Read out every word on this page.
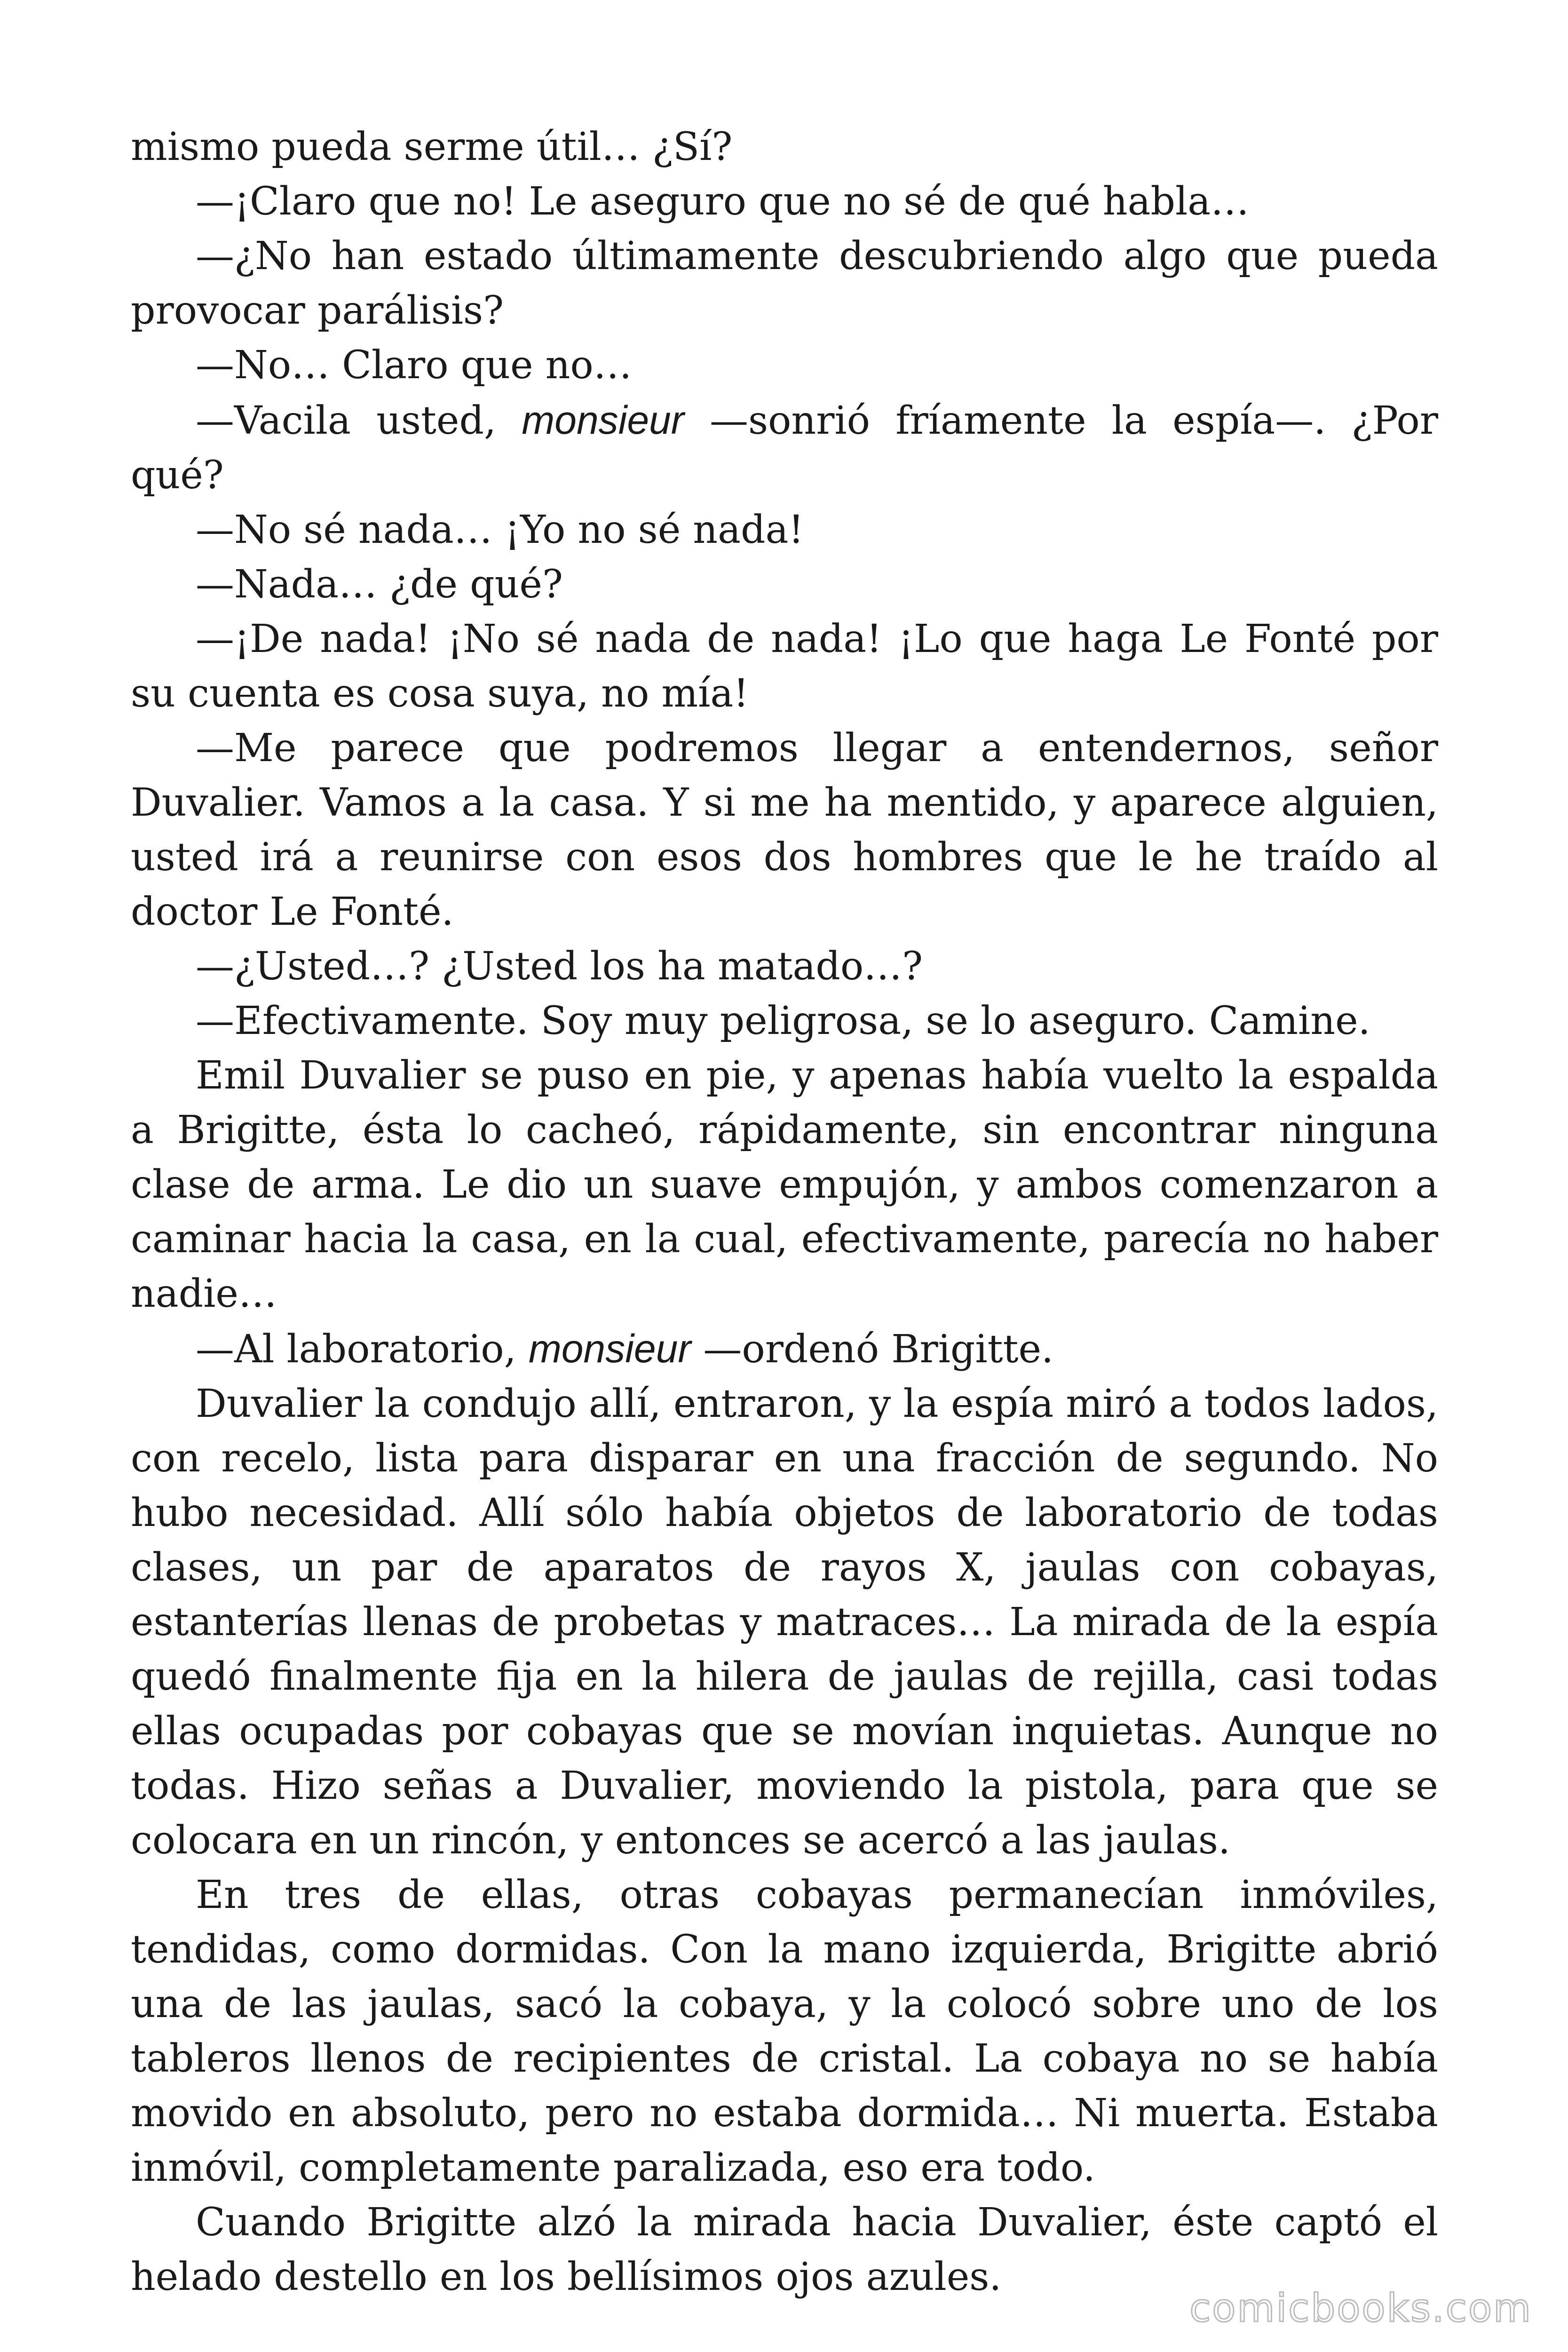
mismo pueda serme útil… ¿Sí?

—¡Claro que no! Le aseguro que no sé de qué habla…

—¿No han estado últimamente descubriendo algo que pueda provocar parálisis?

—No… Claro que no…

—Vacila usted, monsieur —sonrió fríamente la espía—. ¿Por qué?

—No sé nada… ¡Yo no sé nada!

—Nada… ¿de qué?

—¡De nada! ¡No sé nada de nada! ¡Lo que haga Le Fonté por su cuenta es cosa suya, no mía!

—Me parece que podremos llegar a entendernos, señor Duvalier. Vamos a la casa. Y si me ha mentido, y aparece alguien, usted irá a reunirse con esos dos hombres que le he traído al doctor Le Fonté.

—¿Usted…? ¿Usted los ha matado…?

—Efectivamente. Soy muy peligrosa, se lo aseguro. Camine.

Emil Duvalier se puso en pie, y apenas había vuelto la espalda a Brigitte, ésta lo cacheó, rápidamente, sin encontrar ninguna clase de arma. Le dio un suave empujón, y ambos comenzaron a caminar hacia la casa, en la cual, efectivamente, parecía no haber nadie…

—Al laboratorio, monsieur —ordenó Brigitte.

Duvalier la condujo allí, entraron, y la espía miró a todos lados, con recelo, lista para disparar en una fracción de segundo. No hubo necesidad. Allí sólo había objetos de laboratorio de todas clases, un par de aparatos de rayos X, jaulas con cobayas, estanterías llenas de probetas y matraces… La mirada de la espía quedó finalmente fija en la hilera de jaulas de rejilla, casi todas ellas ocupadas por cobayas que se movían inquietas. Aunque no todas. Hizo señas a Duvalier, moviendo la pistola, para que se colocara en un rincón, y entonces se acercó a las jaulas.

En tres de ellas, otras cobayas permanecían inmóviles, tendidas, como dormidas. Con la mano izquierda, Brigitte abrió una de las jaulas, sacó la cobaya, y la colocó sobre uno de los tableros llenos de recipientes de cristal. La cobaya no se había movido en absoluto, pero no estaba dormida… Ni muerta. Estaba inmóvil, completamente paralizada, eso era todo.

Cuando Brigitte alzó la mirada hacia Duvalier, éste captó el helado destello en los bellísimos ojos azules.

comicbooks.com
